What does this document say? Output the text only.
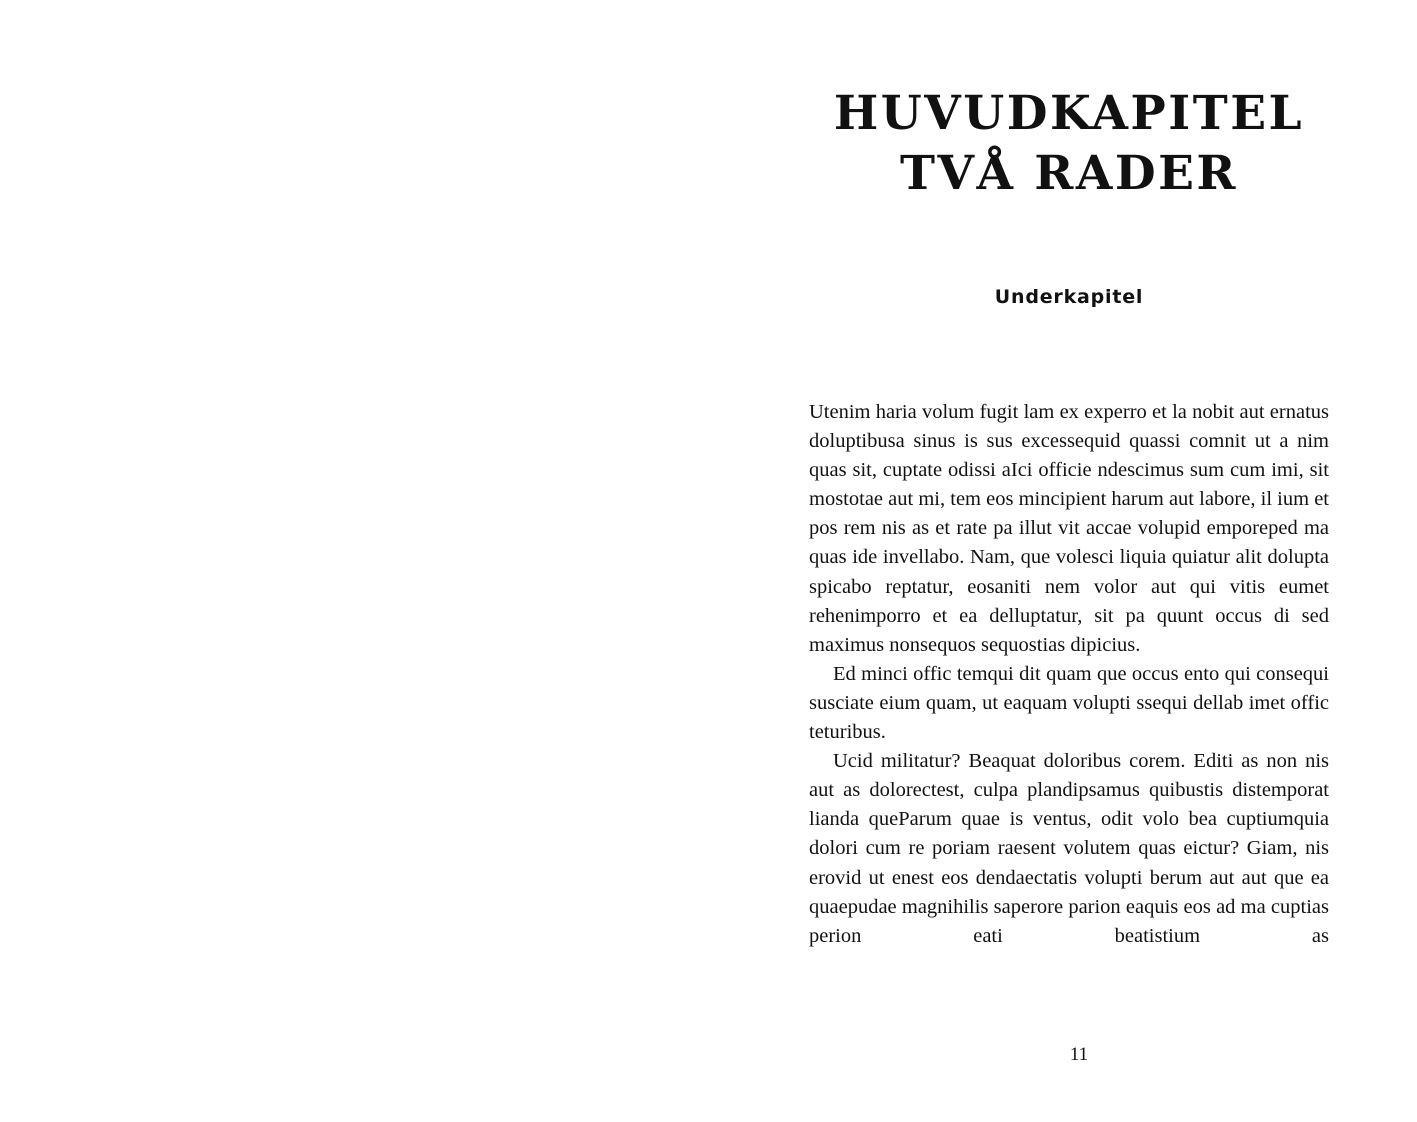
HUVUDKAPITEL
TVÅ RADER
Underkapitel

Utenim haria volum fugit lam ex experro et la nobit aut ernatus doluptibusa sinus is sus excessequid quassi comnit ut a nim quas sit, cuptate odissi aIci officie ndescimus sum cum imi, sit mostotae aut mi, tem eos mincipient harum aut labore, il ium et pos rem nis as et rate pa illut vit accae volupid emporeped ma quas ide invellabo. Nam, que volesci liquia quiatur alit dolupta spicabo reptatur, eosaniti nem volor aut qui vitis eumet rehenimporro et ea delluptatur, sit pa quunt occus di sed maximus nonsequos sequostias dipicius.

Ed minci offic temqui dit quam que occus ento qui consequi susciate eium quam, ut eaquam volupti ssequi dellab imet offic teturibus.

Ucid militatur? Beaquat doloribus corem. Editi as non nis aut as dolorectest, culpa plandipsamus quibustis distemporat lianda queParum quae is ventus, odit volo bea cuptiumquia dolori cum re poriam raesent volutem quas eictur? Giam, nis erovid ut enest eos dendaectatis volupti berum aut aut que ea quaepudae magnihilis saperore parion eaquis eos ad ma cuptias perion eati beatistium as

11
